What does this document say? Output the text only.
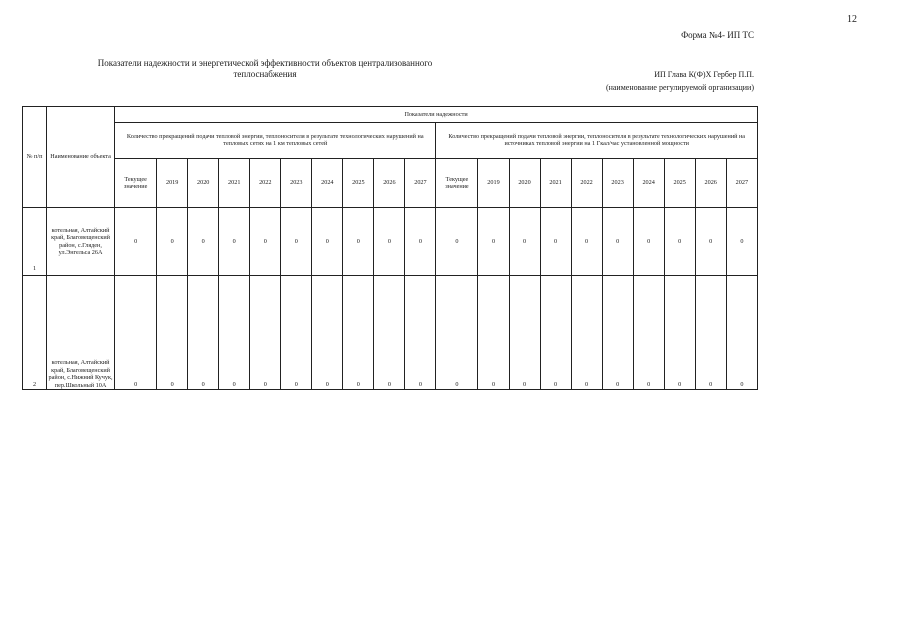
12
Форма №4- ИП ТС
Показатели надежности и энергетической эффективности объектов централизованного теплоснабжения	ИП Глава К(Ф)Х Гербер П.П.
(наименование регулируемой организации)
№ п/п	Наименование объекта	Показатели надежности																			
		Количество прекращений подачи тепловой энергии, теплоносителя в результате технологических нарушений на тепловых сетях на 1 км тепловых сетей										Количество прекращений подачи тепловой энергии, теплоносителя в результате технологических нарушений на источниках тепловой энергии на 1 Гкал/час установленной мощности									
		Текущее значение	2019	2020	2021	2022	2023	2024	2025	2026	2027	Текущее значение	2019	2020	2021	2022	2023	2024	2025	2026	2027
1	котельная, Алтайский край, Благовещенский район, с.Гляден, ул.Энгельса 26А	0	0	0	0	0	0	0	0	0	0	0	0	0	0	0	0	0	0	0	0
2	котельная, Алтайский край, Благовещенский район, с.Нижний Кучук, пер.Школьный 10А	0	0	0	0	0	0	0	0	0	0	0	0	0	0	0	0	0	0	0	0
